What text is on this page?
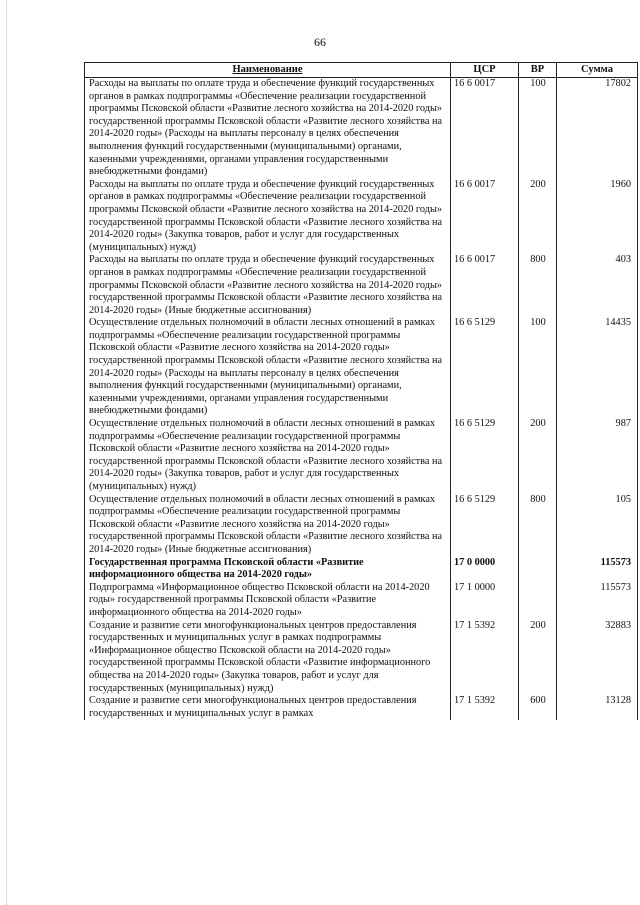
66
Наименование	ЦСР	ВР	Сумма
Расходы на выплаты по оплате труда и обеспечение функций государственных органов в рамках подпрограммы «Обеспечение реализации государственной программы Псковской области «Развитие лесного хозяйства на 2014-2020 годы» государственной программы Псковской области «Развитие лесного хозяйства на 2014-2020 годы» (Расходы на выплаты персоналу в целях обеспечения выполнения функций государственными (муниципальными) органами, казенными учреждениями, органами управления государственными внебюджетными фондами)	16 6 0017	100	17802
Расходы на выплаты по оплате труда и обеспечение функций государственных органов в рамках подпрограммы «Обеспечение реализации государственной программы Псковской области «Развитие лесного хозяйства на 2014-2020 годы» государственной программы Псковской области «Развитие лесного хозяйства на 2014-2020 годы» (Закупка товаров, работ и услуг для государственных (муниципальных) нужд)	16 6 0017	200	1960
Расходы на выплаты по оплате труда и обеспечение функций государственных органов в рамках подпрограммы «Обеспечение реализации государственной программы Псковской области «Развитие лесного хозяйства на 2014-2020 годы» государственной программы Псковской области «Развитие лесного хозяйства на 2014-2020 годы» (Иные бюджетные ассигнования)	16 6 0017	800	403
Осуществление отдельных полномочий в области лесных отношений в рамках подпрограммы «Обеспечение реализации государственной программы Псковской области «Развитие лесного хозяйства на 2014-2020 годы» государственной программы Псковской области «Развитие лесного хозяйства на 2014-2020 годы» (Расходы на выплаты персоналу в целях обеспечения выполнения функций государственными (муниципальными) органами, казенными учреждениями, органами управления государственными внебюджетными фондами)	16 6 5129	100	14435
Осуществление отдельных полномочий в области лесных отношений в рамках подпрограммы «Обеспечение реализации государственной программы Псковской области «Развитие лесного хозяйства на 2014-2020 годы» государственной программы Псковской области «Развитие лесного хозяйства на 2014-2020 годы» (Закупка товаров, работ и услуг для государственных (муниципальных) нужд)	16 6 5129	200	987
Осуществление отдельных полномочий в области лесных отношений в рамках подпрограммы «Обеспечение реализации государственной программы Псковской области «Развитие лесного хозяйства на 2014-2020 годы» государственной программы Псковской области «Развитие лесного хозяйства на 2014-2020 годы» (Иные бюджетные ассигнования)	16 6 5129	800	105
Государственная программа Псковской области «Развитие информационного общества на 2014-2020 годы»	17 0 0000		115573
Подпрограмма «Информационное общество Псковской области на 2014-2020 годы» государственной программы Псковской области «Развитие информационного общества на 2014-2020 годы»	17 1 0000		115573
Создание и развитие сети многофункциональных центров предоставления государственных и муниципальных услуг в рамках подпрограммы «Информационное общество Псковской области на 2014-2020 годы» государственной программы Псковской области «Развитие информационного общества на 2014-2020 годы» (Закупка товаров, работ и услуг для государственных (муниципальных) нужд)	17 1 5392	200	32883
Создание и развитие сети многофункциональных центров предоставления государственных и муниципальных услуг в рамках	17 1 5392	600	13128
